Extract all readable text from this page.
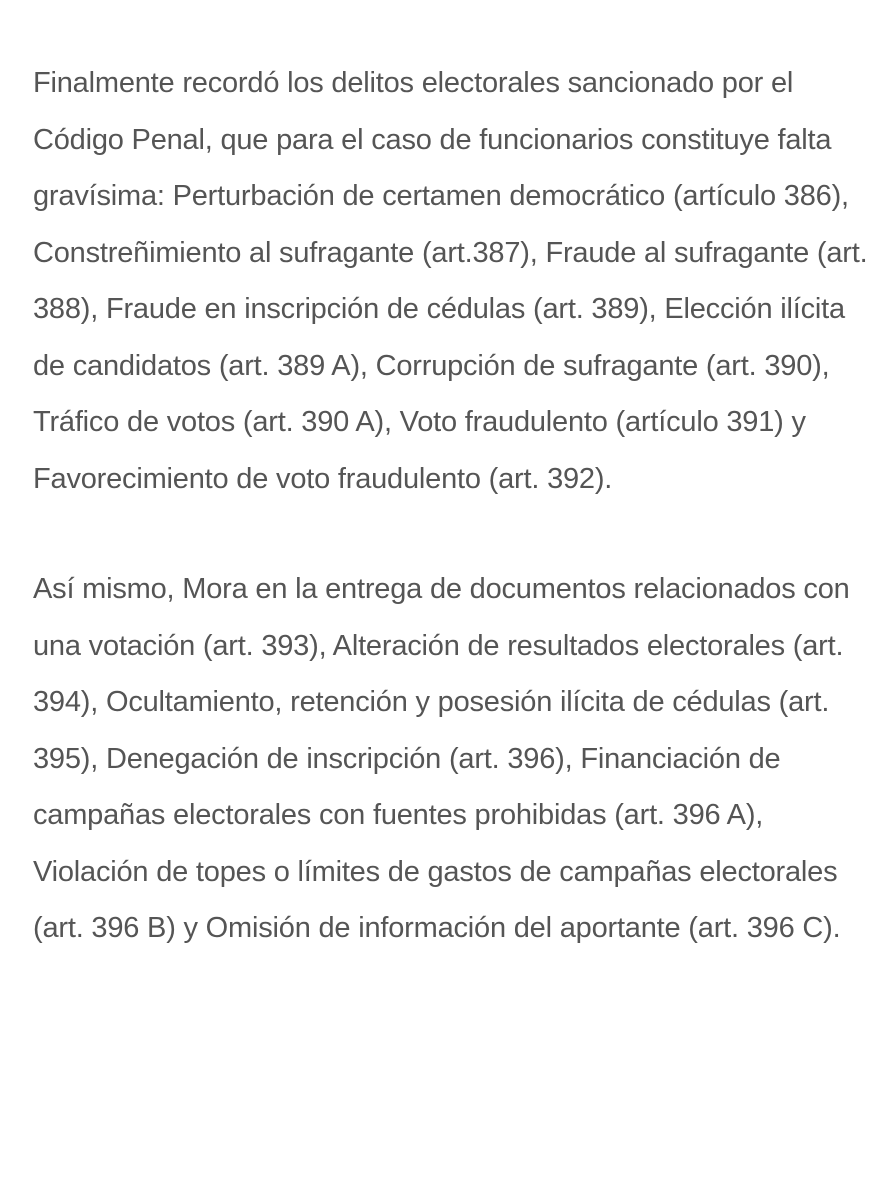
Finalmente recordó los delitos electorales sancionado por el Código Penal, que para el caso de funcionarios constituye falta gravísima: Perturbación de certamen democrático (artículo 386), Constreñimiento al sufragante (art.387), Fraude al sufragante (art. 388), Fraude en inscripción de cédulas (art. 389), Elección ilícita de candidatos (art. 389 A), Corrupción de sufragante (art. 390), Tráfico de votos (art. 390 A), Voto fraudulento (artículo 391) y Favorecimiento de voto fraudulento (art. 392).

Así mismo, Mora en la entrega de documentos relacionados con una votación (art. 393), Alteración de resultados electorales (art. 394), Ocultamiento, retención y posesión ilícita de cédulas (art. 395), Denegación de inscripción (art. 396), Financiación de campañas electorales con fuentes prohibidas (art. 396 A), Violación de topes o límites de gastos de campañas electorales (art. 396 B) y Omisión de información del aportante (art. 396 C).
